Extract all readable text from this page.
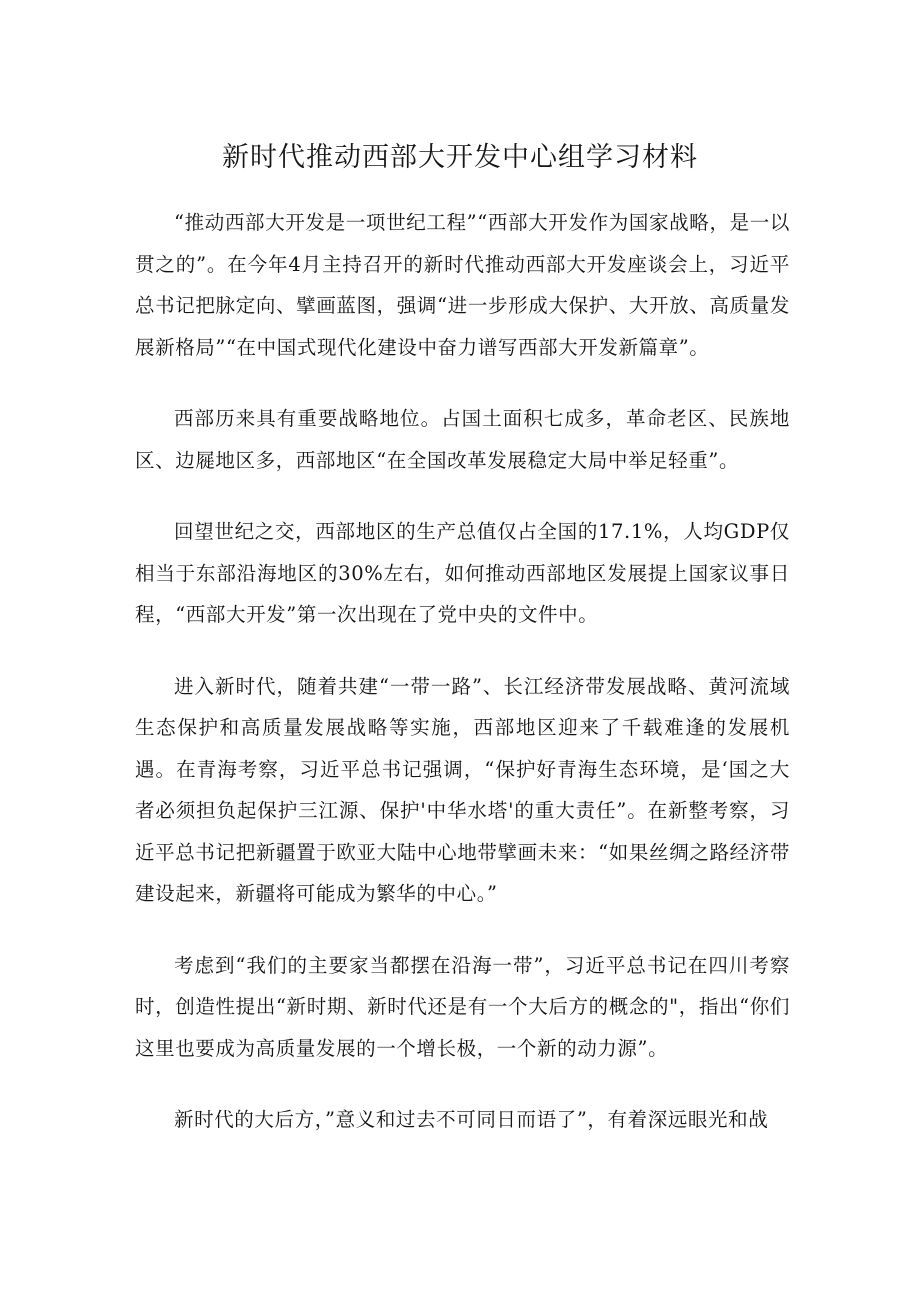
新时代推动西部大开发中心组学习材料

“推动西部大开发是一项世纪工程”“西部大开发作为国家战略，是一以贯之的”。在今年4月主持召开的新时代推动西部大开发座谈会上，习近平总书记把脉定向、擘画蓝图，强调“进一步形成大保护、大开放、高质量发展新格局”“在中国式现代化建设中奋力谱写西部大开发新篇章”。

西部历来具有重要战略地位。占国土面积七成多，革命老区、民族地区、边屣地区多，西部地区“在全国改革发展稳定大局中举足轻重”。

回望世纪之交，西部地区的生产总值仅占全国的17.1%，人均GDP仅相当于东部沿海地区的30%左右，如何推动西部地区发展提上国家议事日程，“西部大开发”第一次出现在了党中央的文件中。

进入新时代，随着共建“一带一路”、长江经济带发展战略、黄河流域生态保护和高质量发展战略等实施，西部地区迎来了千载难逢的发展机遇。在青海考察，习近平总书记强调，“保护好青海生态环境，是‘国之大者必须担负起保护三江源、保护'中华水塔'的重大责任”。在新整考察，习近平总书记把新疆置于欧亚大陆中心地带擘画未来：“如果丝绸之路经济带建设起来，新疆将可能成为繁华的中心。”

考虑到“我们的主要家当都摆在沿海一带”，习近平总书记在四川考察时，创造性提出“新时期、新时代还是有一个大后方的概念的"，指出“你们这里也要成为高质量发展的一个增长极，一个新的动力源”。

新时代的大后方，”意义和过去不可同日而语了”，有着深远眼光和战
